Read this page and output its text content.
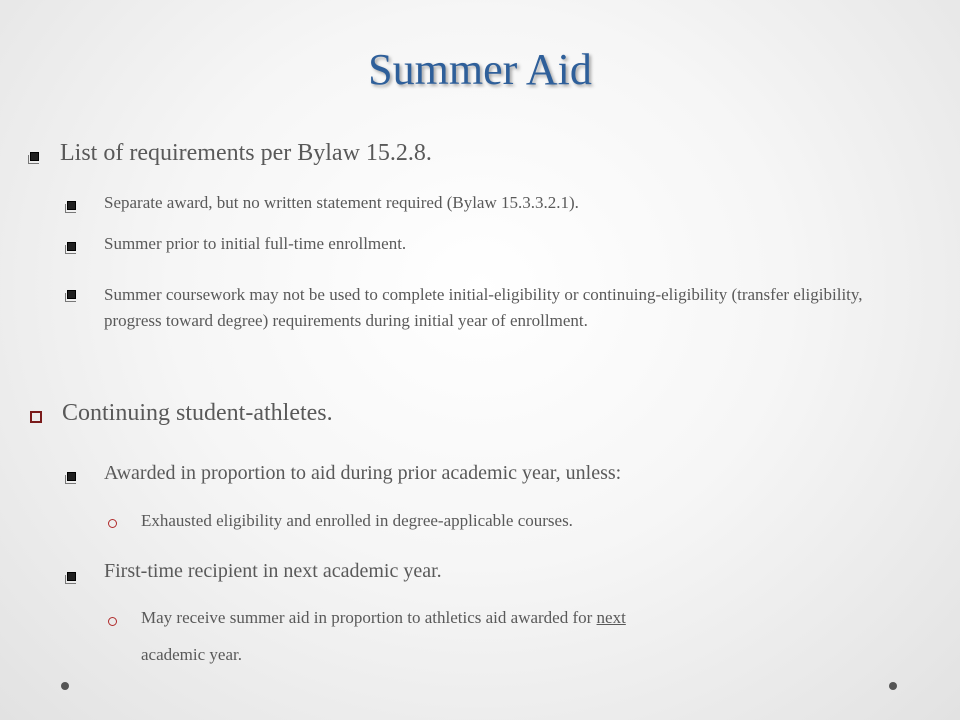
Summer Aid
List of requirements per Bylaw 15.2.8.
Separate award, but no written statement required (Bylaw 15.3.3.2.1).
Summer prior to initial full-time enrollment.
Summer coursework may not be used to complete initial-eligibility or continuing-eligibility (transfer eligibility, progress toward degree) requirements during initial year of enrollment.
Continuing student-athletes.
Awarded in proportion to aid during prior academic year, unless:
Exhausted eligibility and enrolled in degree-applicable courses.
First-time recipient in next academic year.
May receive summer aid in proportion to athletics aid awarded for next
academic year.
